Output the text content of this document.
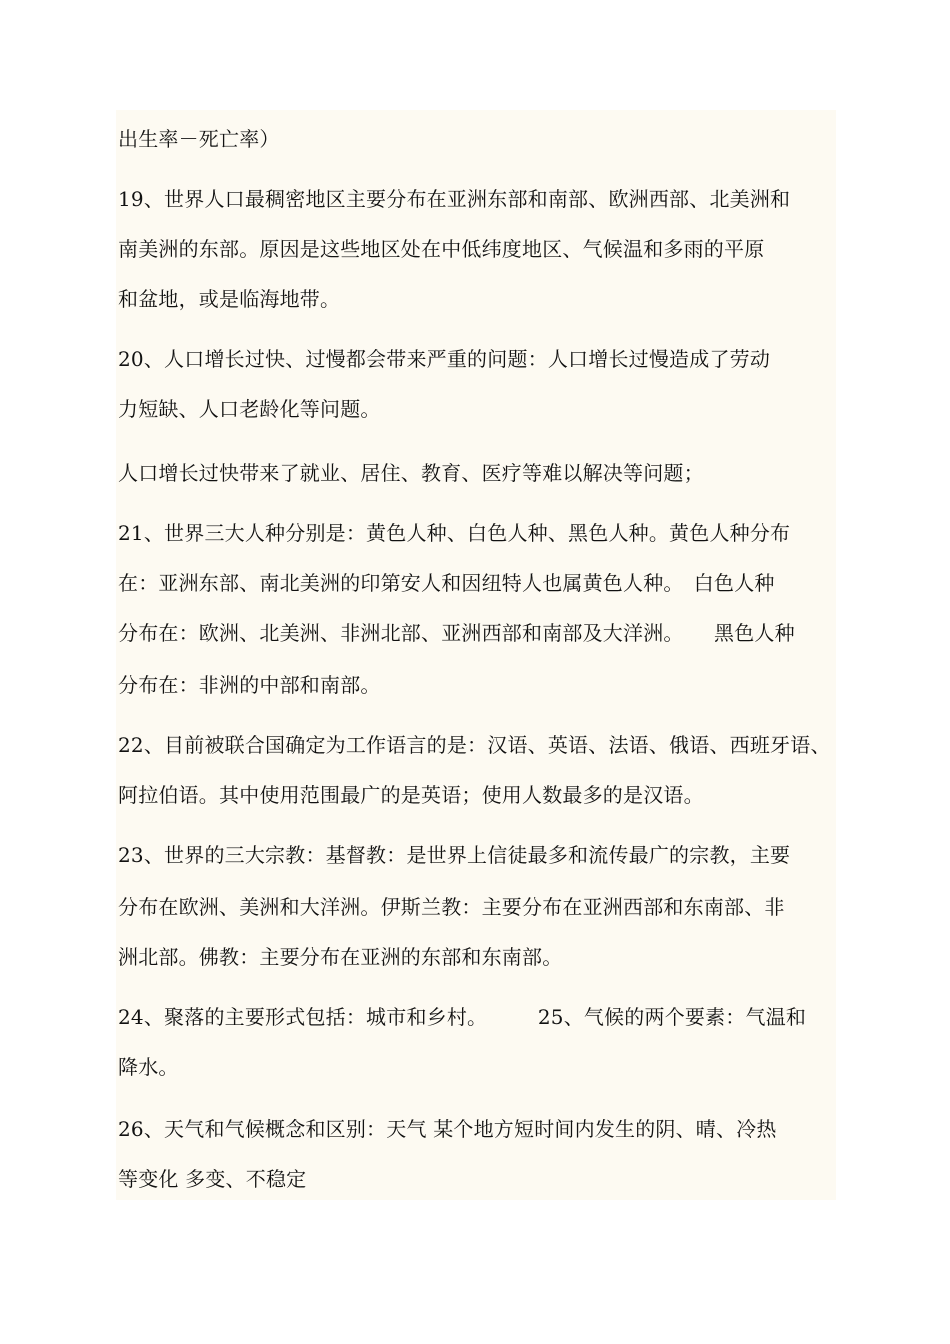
出生率－死亡率）
19、世界人口最稠密地区主要分布在亚洲东部和南部、欧洲西部、北美洲和
南美洲的东部。原因是这些地区处在中低纬度地区、气候温和多雨的平原
和盆地，或是临海地带。
20、人口增长过快、过慢都会带来严重的问题：人口增长过慢造成了劳动
力短缺、人口老龄化等问题。
人口增长过快带来了就业、居住、教育、医疗等难以解决等问题；
21、世界三大人种分别是：黄色人种、白色人种、黑色人种。黄色人种分布
在：亚洲东部、南北美洲的印第安人和因纽特人也属黄色人种。　白色人种
分布在：欧洲、北美洲、非洲北部、亚洲西部和南部及大洋洲。　　黑色人种
分布在：非洲的中部和南部。
22、目前被联合国确定为工作语言的是：汉语、英语、法语、俄语、西班牙语、
阿拉伯语。其中使用范围最广的是英语；使用人数最多的是汉语。
23、世界的三大宗教：基督教：是世界上信徒最多和流传最广的宗教，主要
分布在欧洲、美洲和大洋洲。伊斯兰教：主要分布在亚洲西部和东南部、非
洲北部。佛教：主要分布在亚洲的东部和东南部。
24、聚落的主要形式包括：城市和乡村。　　　25、气候的两个要素：气温和
降水。
26、天气和气候概念和区别：天气 某个地方短时间内发生的阴、晴、冷热
等变化 多变、不稳定
